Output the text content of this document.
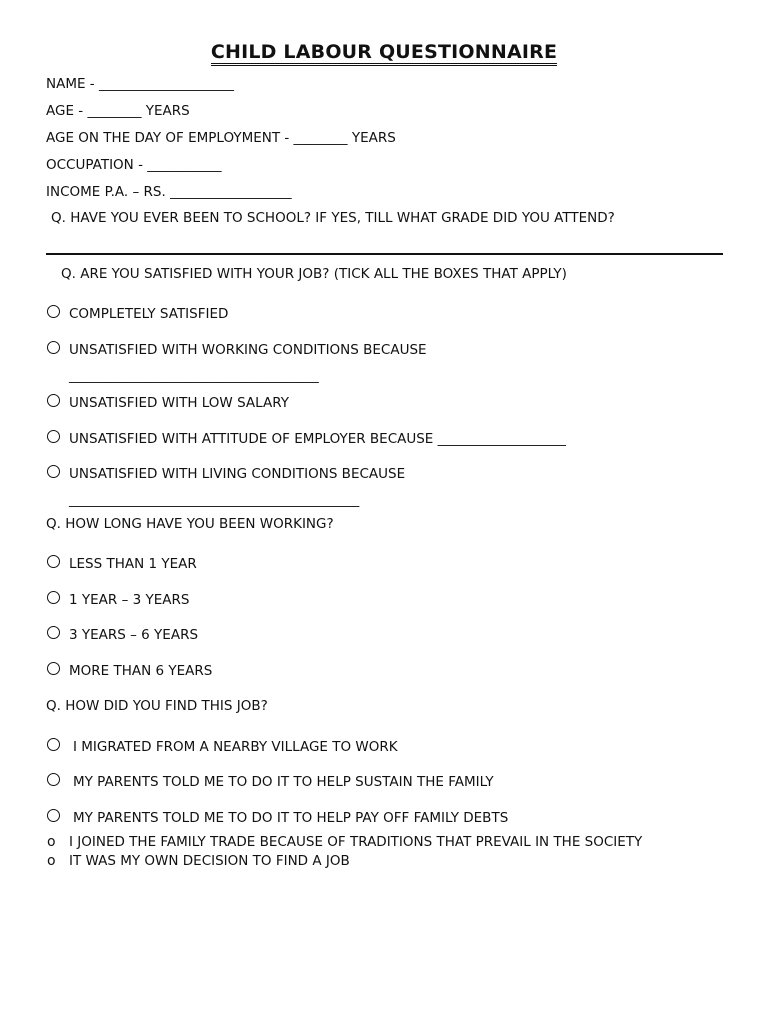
CHILD LABOUR QUESTIONNAIRE
NAME - ____________________
AGE - ________ YEARS
AGE ON THE DAY OF EMPLOYMENT - ________ YEARS
OCCUPATION - ___________
INCOME P.A. – RS. __________________
Q. HAVE YOU EVER BEEN TO SCHOOL? IF YES, TILL WHAT GRADE DID YOU ATTEND?
Q. ARE YOU SATISFIED WITH YOUR JOB? (TICK ALL THE BOXES THAT APPLY)
COMPLETELY SATISFIED
UNSATISFIED WITH WORKING CONDITIONS BECAUSE
_____________________________________
UNSATISFIED WITH LOW SALARY
UNSATISFIED WITH ATTITUDE OF EMPLOYER BECAUSE ___________________
UNSATISFIED WITH LIVING CONDITIONS BECAUSE
___________________________________________
Q. HOW LONG HAVE YOU BEEN WORKING?
LESS THAN 1 YEAR
1 YEAR – 3 YEARS
3 YEARS – 6 YEARS
MORE THAN 6 YEARS
Q. HOW DID YOU FIND THIS JOB?
I MIGRATED FROM A NEARBY VILLAGE TO WORK
MY PARENTS TOLD ME TO DO IT TO HELP SUSTAIN THE FAMILY
MY PARENTS TOLD ME TO DO IT TO HELP PAY OFF FAMILY DEBTS
o I JOINED THE FAMILY TRADE BECAUSE OF TRADITIONS THAT PREVAIL IN THE SOCIETY
o IT WAS MY OWN DECISION TO FIND A JOB
